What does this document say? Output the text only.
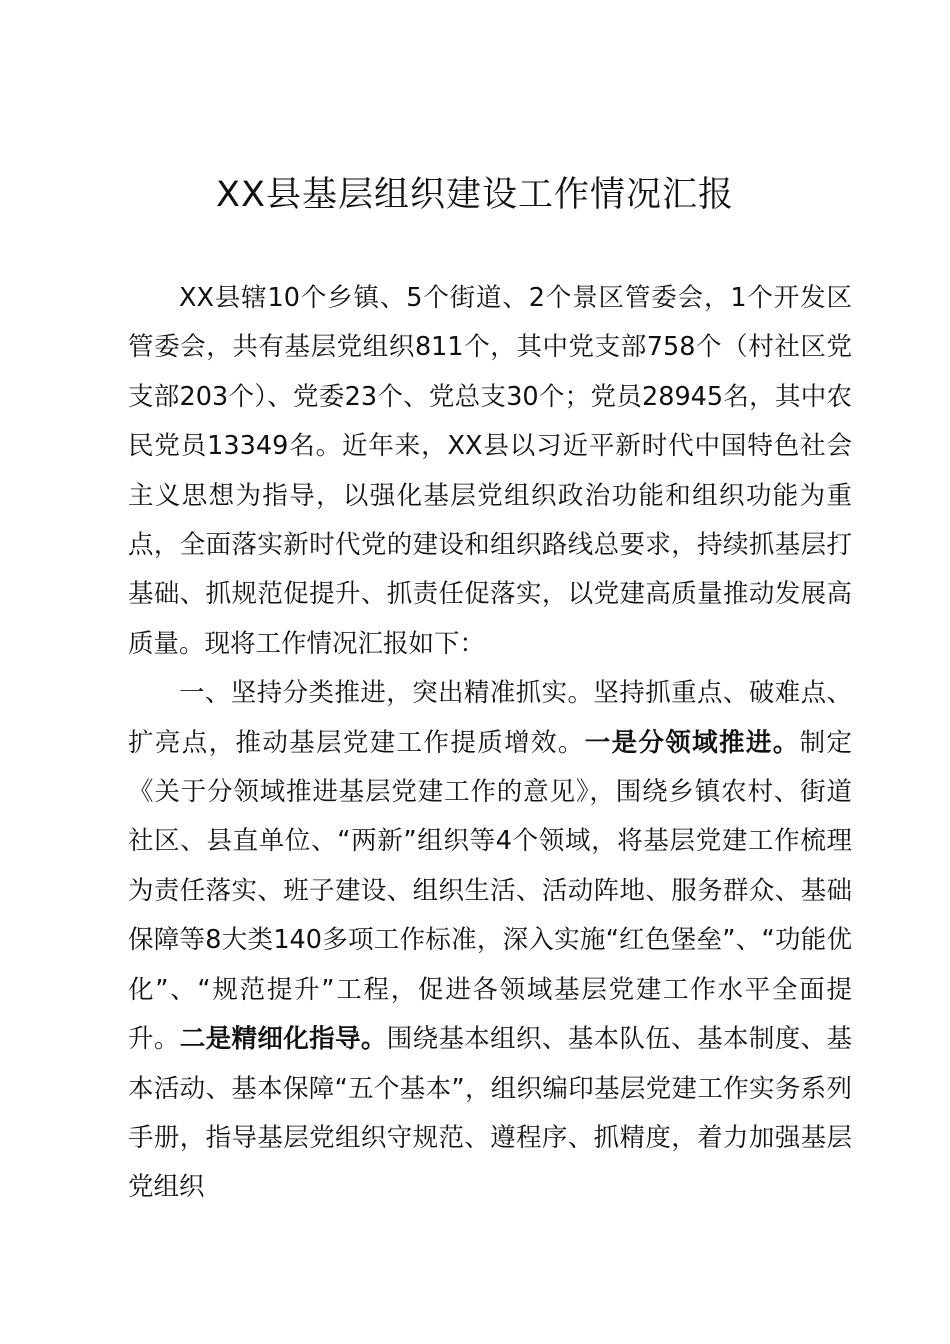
XX县基层组织建设工作情况汇报

XX县辖10个乡镇、5个街道、2个景区管委会，1个开发区管委会，共有基层党组织811个，其中党支部758个（村社区党支部203个）、党委23个、党总支30个；党员28945名，其中农民党员13349名。近年来，XX县以习近平新时代中国特色社会主义思想为指导，以强化基层党组织政治功能和组织功能为重点，全面落实新时代党的建设和组织路线总要求，持续抓基层打基础、抓规范促提升、抓责任促落实，以党建高质量推动发展高质量。现将工作情况汇报如下：

一、坚持分类推进，突出精准抓实。坚持抓重点、破难点、扩亮点，推动基层党建工作提质增效。一是分领域推进。制定《关于分领域推进基层党建工作的意见》，围绕乡镇农村、街道社区、县直单位、“两新”组织等4个领域，将基层党建工作梳理为责任落实、班子建设、组织生活、活动阵地、服务群众、基础保障等8大类140多项工作标准，深入实施“红色堡垒”、“功能优化”、“规范提升”工程，促进各领域基层党建工作水平全面提升。二是精细化指导。围绕基本组织、基本队伍、基本制度、基本活动、基本保障“五个基本”，组织编印基层党建工作实务系列手册，指导基层党组织守规范、遵程序、抓精度，着力加强基层党组织
